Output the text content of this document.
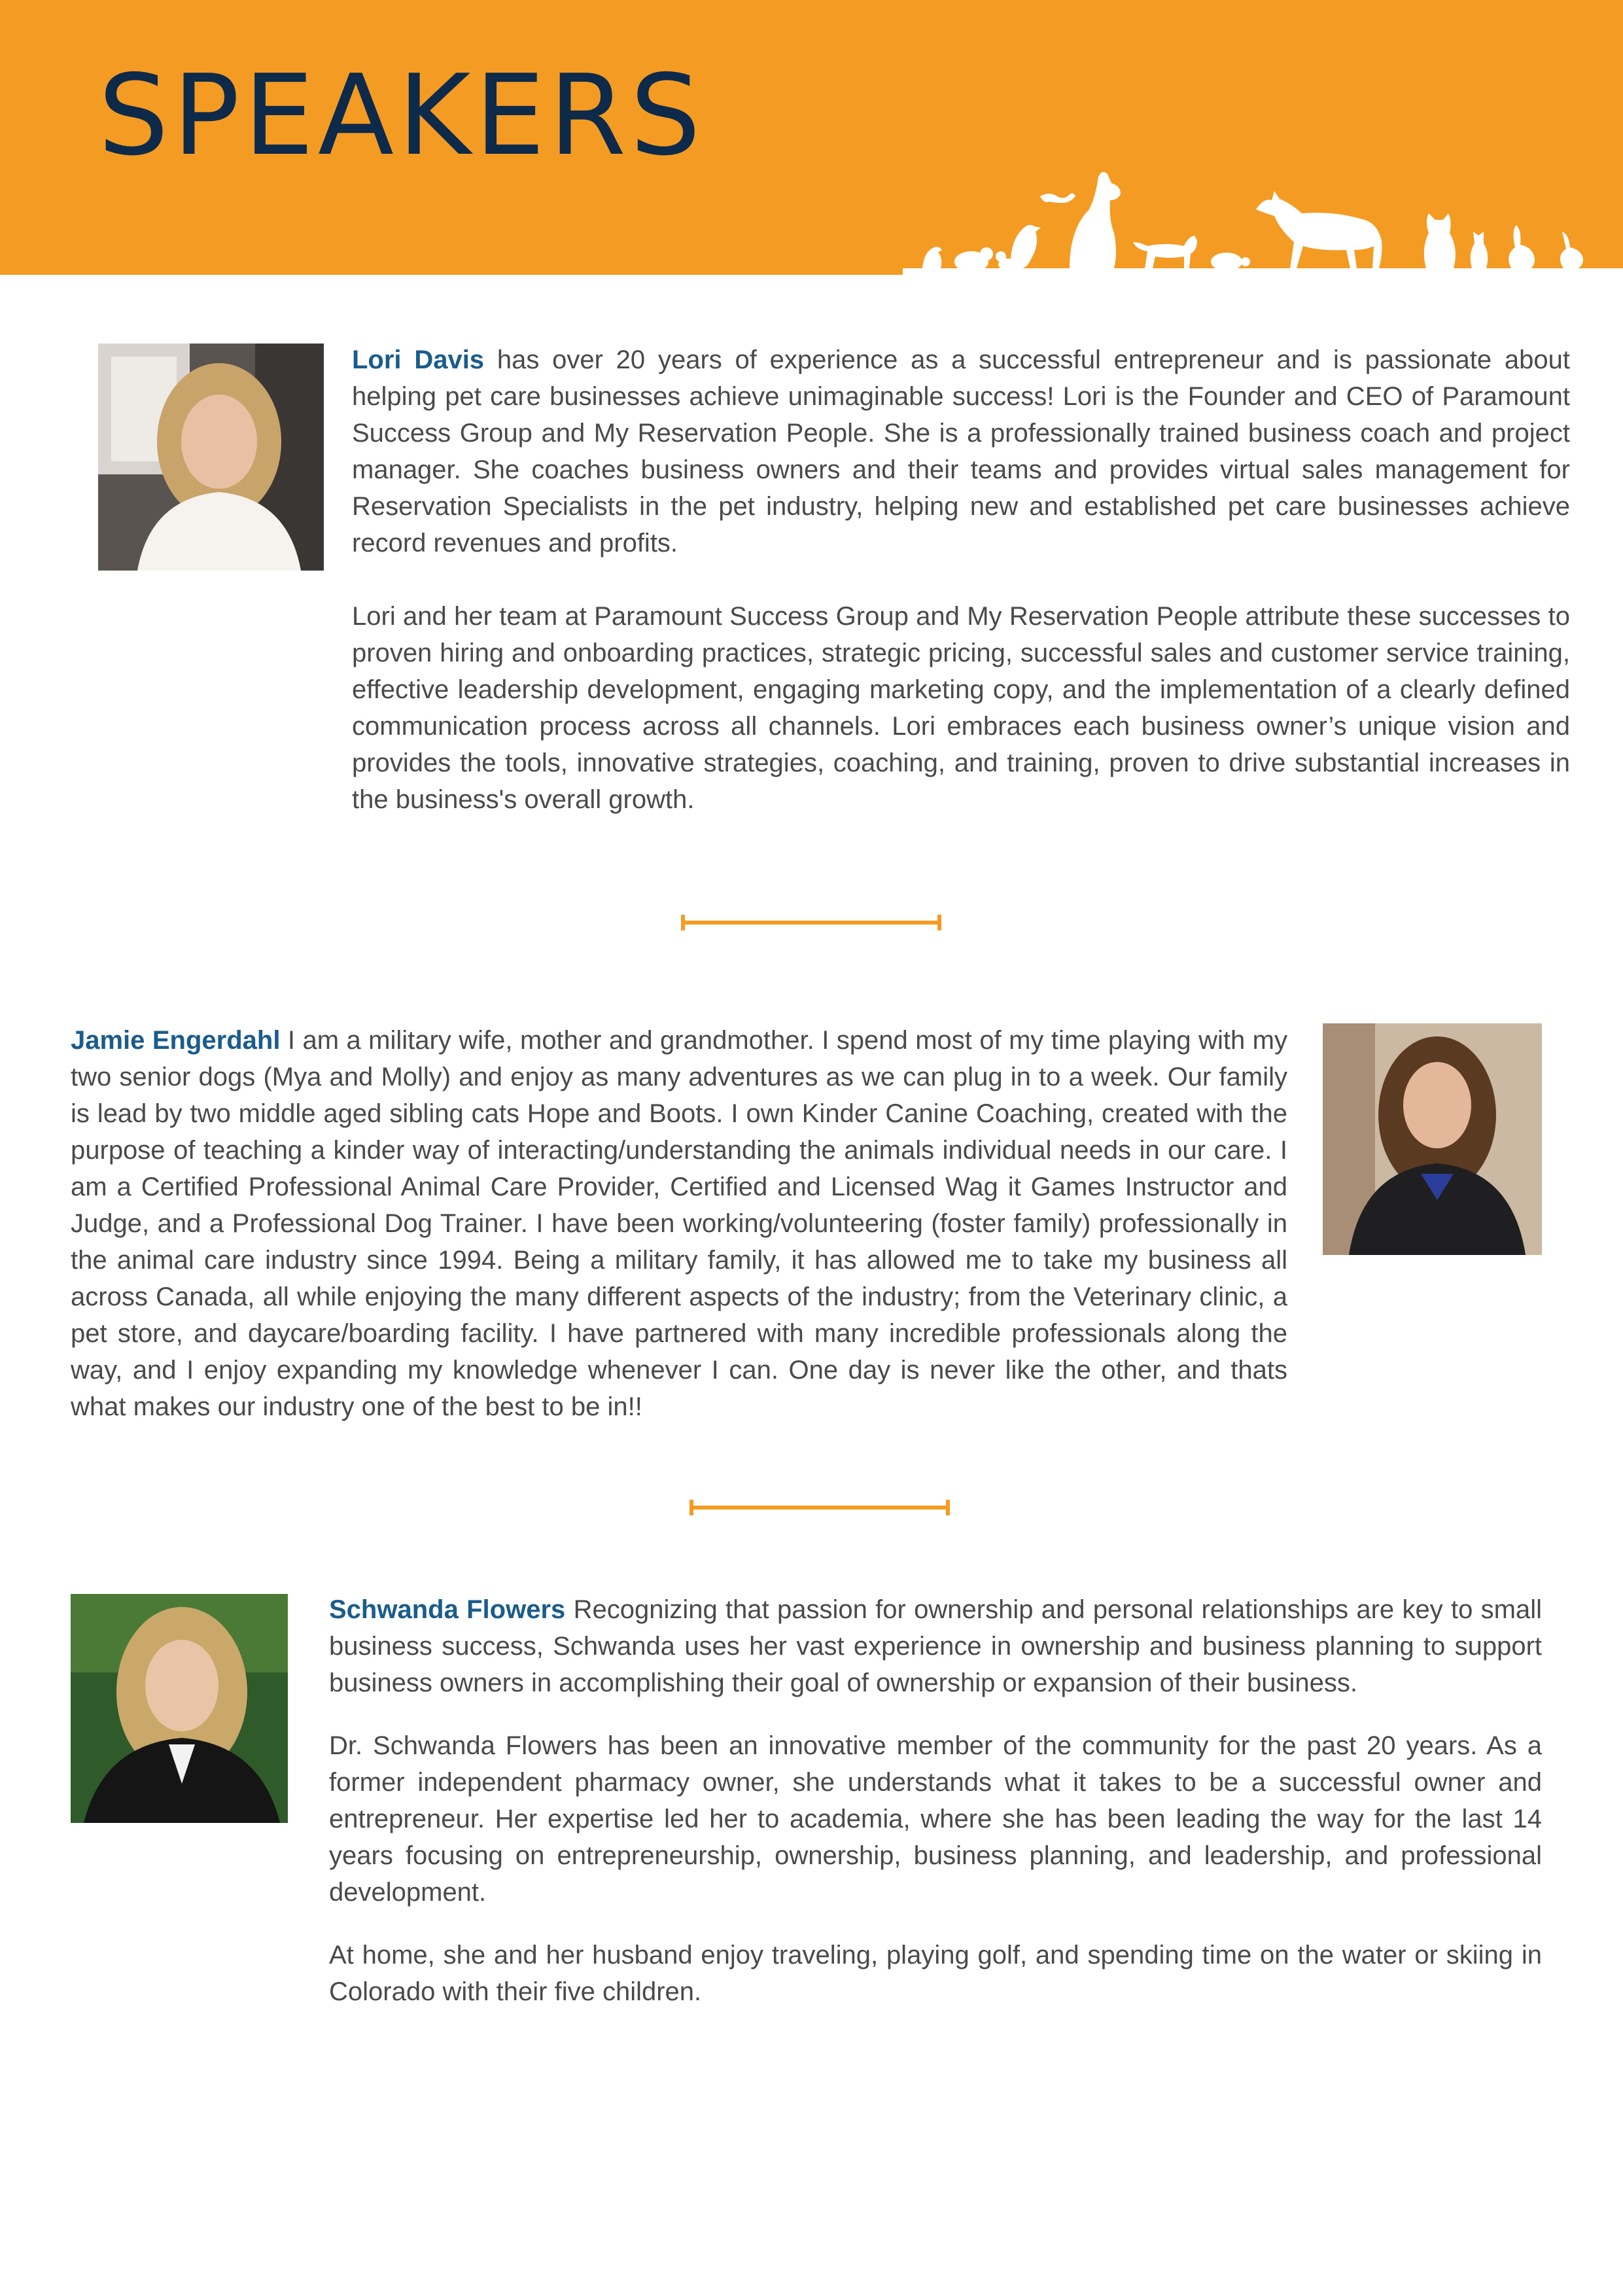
SPEAKERS

Lori Davis has over 20 years of experience as a successful entrepreneur and is passionate about helping pet care businesses achieve unimaginable success! Lori is the Founder and CEO of Paramount Success Group and My Reservation People. She is a professionally trained business coach and project manager. She coaches business owners and their teams and provides virtual sales management for Reservation Specialists in the pet industry, helping new and established pet care businesses achieve record revenues and profits.

Lori and her team at Paramount Success Group and My Reservation People attribute these successes to proven hiring and onboarding practices, strategic pricing, successful sales and customer service training, effective leadership development, engaging marketing copy, and the implementation of a clearly defined communication process across all channels. Lori embraces each business owner’s unique vision and provides the tools, innovative strategies, coaching, and training, proven to drive substantial increases in the business's overall growth.

Jamie Engerdahl I am a military wife, mother and grandmother. I spend most of my time playing with my two senior dogs (Mya and Molly) and enjoy as many adventures as we can plug in to a week. Our family is lead by two middle aged sibling cats Hope and Boots. I own Kinder Canine Coaching, created with the purpose of teaching a kinder way of interacting/understanding the animals individual needs in our care. I am a Certified Professional Animal Care Provider, Certified and Licensed Wag it Games Instructor and Judge, and a Professional Dog Trainer. I have been working/volunteering (foster family) professionally in the animal care industry since 1994. Being a military family, it has allowed me to take my business all across Canada, all while enjoying the many different aspects of the industry; from the Veterinary clinic, a pet store, and daycare/boarding facility. I have partnered with many incredible professionals along the way, and I enjoy expanding my knowledge whenever I can. One day is never like the other, and thats what makes our industry one of the best to be in!!

Schwanda Flowers Recognizing that passion for ownership and personal relationships are key to small business success, Schwanda uses her vast experience in ownership and business planning to support business owners in accomplishing their goal of ownership or expansion of their business.

Dr. Schwanda Flowers has been an innovative member of the community for the past 20 years. As a former independent pharmacy owner, she understands what it takes to be a successful owner and entrepreneur. Her expertise led her to academia, where she has been leading the way for the last 14 years focusing on entrepreneurship, ownership, business planning, and leadership, and professional development.

At home, she and her husband enjoy traveling, playing golf, and spending time on the water or skiing in Colorado with their five children.
